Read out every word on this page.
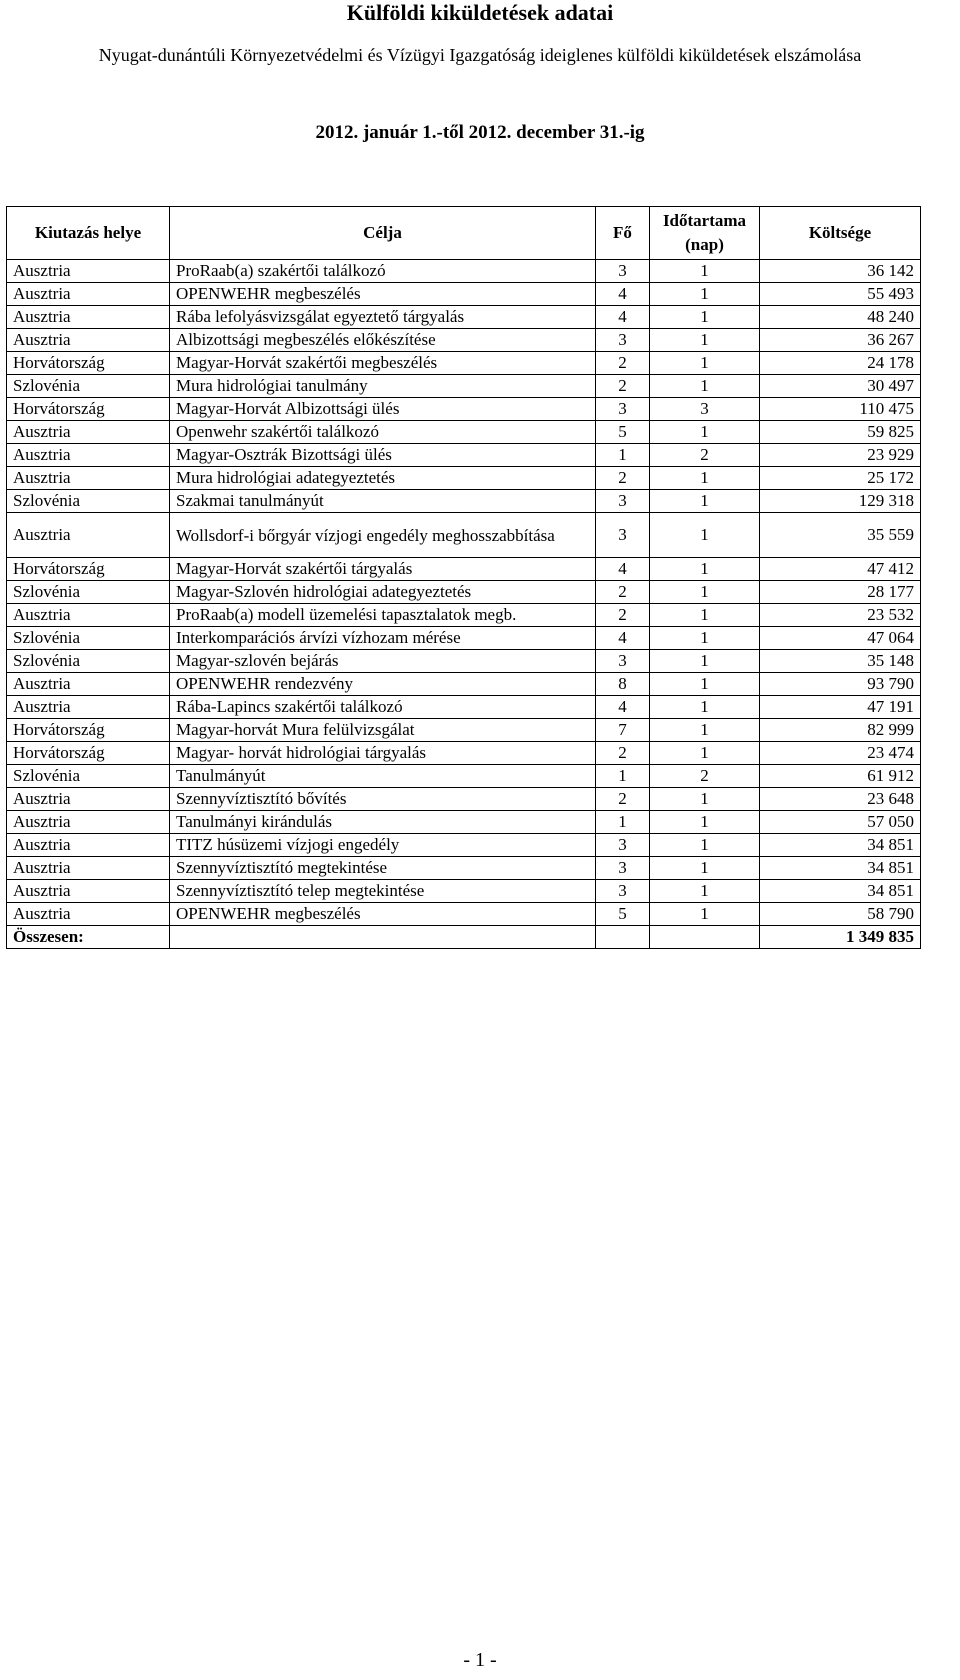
Külföldi kiküldetések adatai
Nyugat-dunántúli Környezetvédelmi és Vízügyi Igazgatóság ideiglenes külföldi kiküldetések elszámolása
2012. január 1.-től 2012. december 31.-ig
Kiutazás helye	Célja	Fő	Időtartama (nap)	Költsége
Ausztria	ProRaab(a) szakértői találkozó	3	1	36 142
Ausztria	OPENWEHR megbeszélés	4	1	55 493
Ausztria	Rába lefolyásvizsgálat egyeztető tárgyalás	4	1	48 240
Ausztria	Albizottsági megbeszélés előkészítése	3	1	36 267
Horvátország	Magyar-Horvát szakértői megbeszélés	2	1	24 178
Szlovénia	Mura hidrológiai tanulmány	2	1	30 497
Horvátország	Magyar-Horvát Albizottsági ülés	3	3	110 475
Ausztria	Openwehr szakértői találkozó	5	1	59 825
Ausztria	Magyar-Osztrák Bizottsági ülés	1	2	23 929
Ausztria	Mura hidrológiai adategyeztetés	2	1	25 172
Szlovénia	Szakmai tanulmányút	3	1	129 318
Ausztria	Wollsdorf-i bőrgyár vízjogi engedély meghosszabbítása	3	1	35 559
Horvátország	Magyar-Horvát szakértői tárgyalás	4	1	47 412
Szlovénia	Magyar-Szlovén hidrológiai adategyeztetés	2	1	28 177
Ausztria	ProRaab(a) modell üzemelési tapasztalatok megb.	2	1	23 532
Szlovénia	Interkomparációs árvízi vízhozam mérése	4	1	47 064
Szlovénia	Magyar-szlovén bejárás	3	1	35 148
Ausztria	OPENWEHR rendezvény	8	1	93 790
Ausztria	Rába-Lapincs szakértői találkozó	4	1	47 191
Horvátország	Magyar-horvát Mura felülvizsgálat	7	1	82 999
Horvátország	Magyar- horvát hidrológiai tárgyalás	2	1	23 474
Szlovénia	Tanulmányút	1	2	61 912
Ausztria	Szennyvíztisztító bővítés	2	1	23 648
Ausztria	Tanulmányi kirándulás	1	1	57 050
Ausztria	TITZ húsüzemi vízjogi engedély	3	1	34 851
Ausztria	Szennyvíztisztító megtekintése	3	1	34 851
Ausztria	Szennyvíztisztító telep megtekintése	3	1	34 851
Ausztria	OPENWEHR megbeszélés	5	1	58 790
Összesen:				1 349 835
- 1 -
